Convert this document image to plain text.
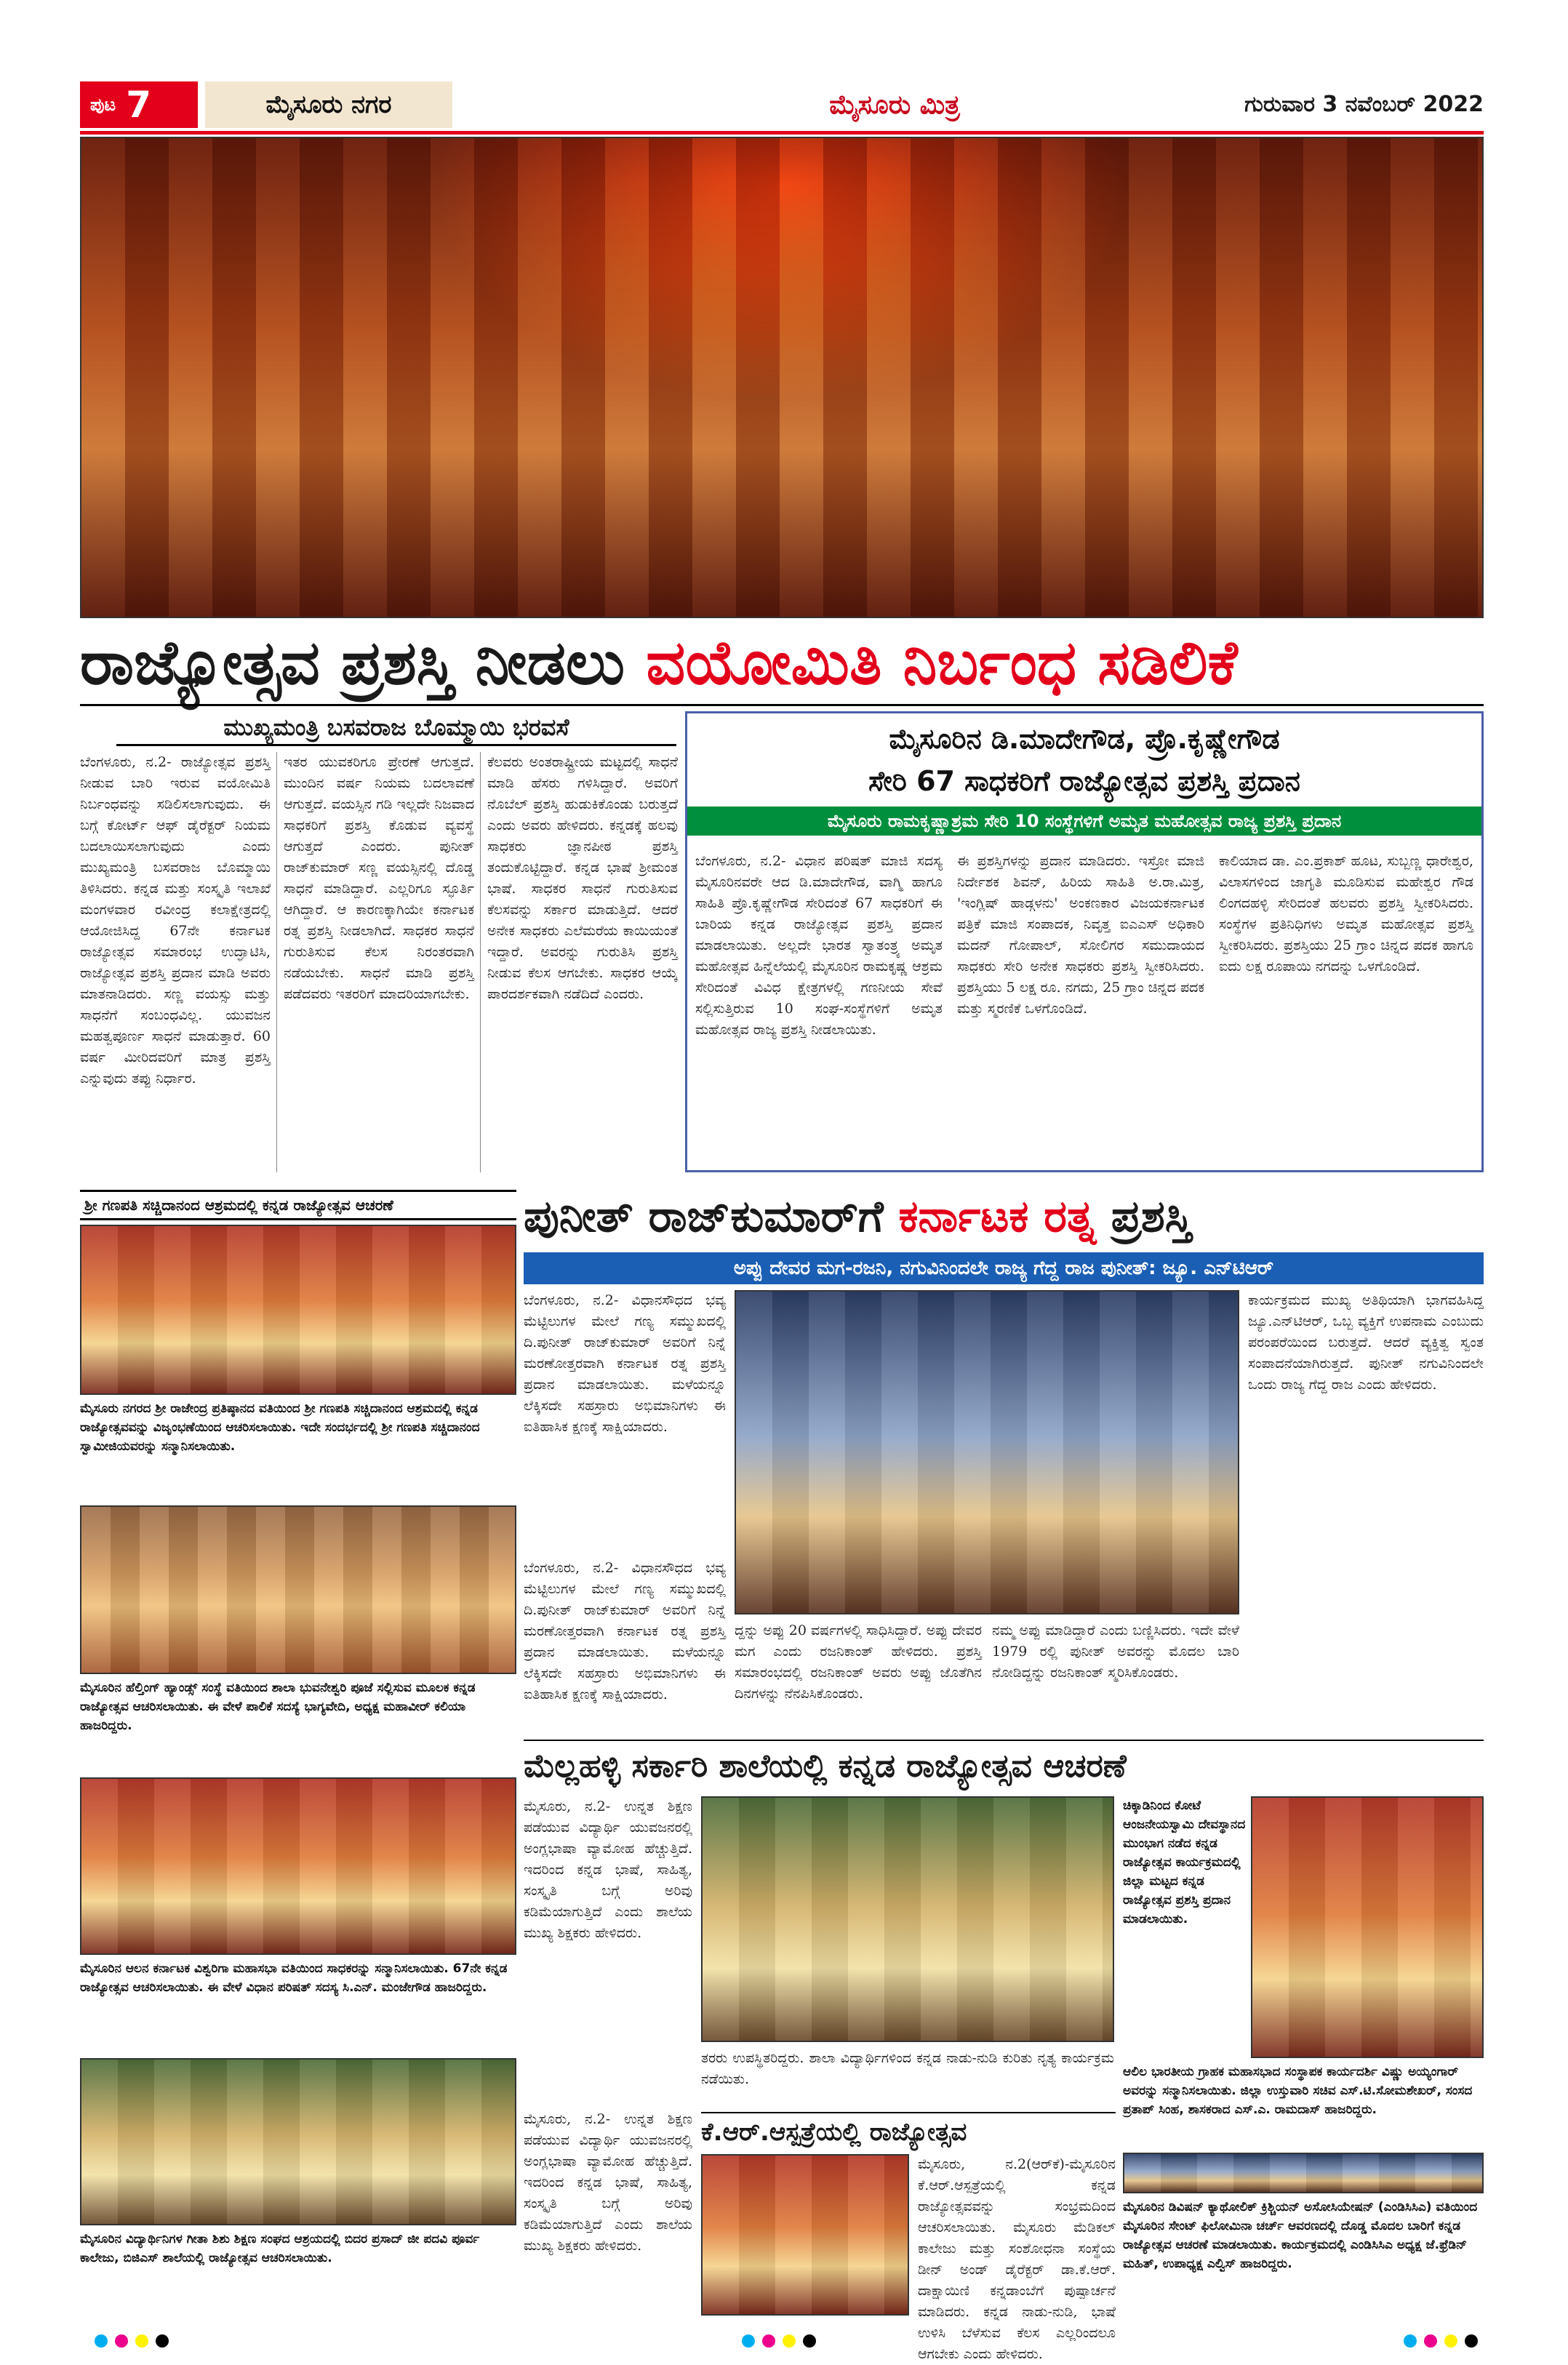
ಪುಟ 7	ಮೈಸೂರು ನಗರ	ಮೈಸೂರು ಮಿತ್ರ	ಗುರುವಾರ 3 ನವೆಂಬರ್ 2022
ರಾಜ್ಯೋತ್ಸವ ಪ್ರಶಸ್ತಿ ನೀಡಲು ವಯೋಮಿತಿ ನಿರ್ಬಂಧ ಸಡಿಲಿಕೆ
ಮುಖ್ಯಮಂತ್ರಿ ಬಸವರಾಜ ಬೊಮ್ಮಾಯಿ ಭರವಸೆ
ಬೆಂಗಳೂರು, ನ.2- ರಾಜ್ಯೋತ್ಸವ ಪ್ರಶಸ್ತಿ ನೀಡುವ ಬಾರಿ ಇರುವ ವಯೋಮಿತಿ ನಿರ್ಬಂಧವನ್ನು ಸಡಿಲಿಸಲಾಗುವುದು. ಈ ಬಗ್ಗೆ ಕೋರ್ಟ್ ಆಫ್ ಡೈರೆಕ್ಟರ್ ನಿಯಮ ಬದಲಾಯಿಸಲಾಗುವುದು ಎಂದು ಮುಖ್ಯಮಂತ್ರಿ ಬಸವರಾಜ ಬೊಮ್ಮಾಯಿ ತಿಳಿಸಿದರು. ಕನ್ನಡ ಮತ್ತು ಸಂಸ್ಕೃತಿ ಇಲಾಖೆ ಮಂಗಳವಾರ ರವೀಂದ್ರ ಕಲಾಕ್ಷೇತ್ರದಲ್ಲಿ ಆಯೋಜಿಸಿದ್ದ 67ನೇ ಕರ್ನಾಟಕ ರಾಜ್ಯೋತ್ಸವ ಸಮಾರಂಭ ಉದ್ಘಾಟಿಸಿ, ರಾಜ್ಯೋತ್ಸವ ಪ್ರಶಸ್ತಿ ಪ್ರದಾನ ಮಾಡಿ ಅವರು ಮಾತನಾಡಿದರು. ಸಣ್ಣ ವಯಸ್ಸು ಮತ್ತು ಸಾಧನೆಗೆ ಸಂಬಂಧವಿಲ್ಲ. ಯುವಜನ ಮಹತ್ವಪೂರ್ಣ ಸಾಧನೆ ಮಾಡುತ್ತಾರೆ. 60 ವರ್ಷ ಮೀರಿದವರಿಗೆ ಮಾತ್ರ ಪ್ರಶಸ್ತಿ ಎನ್ನುವುದು ತಪ್ಪು ನಿರ್ಧಾರ.
ಇತರ ಯುವಕರಿಗೂ ಪ್ರೇರಣೆ ಆಗುತ್ತದೆ. ಮುಂದಿನ ವರ್ಷ ನಿಯಮ ಬದಲಾವಣೆ ಆಗುತ್ತದೆ. ವಯಸ್ಸಿನ ಗಡಿ ಇಲ್ಲದೇ ನಿಜವಾದ ಸಾಧಕರಿಗೆ ಪ್ರಶಸ್ತಿ ಕೊಡುವ ವ್ಯವಸ್ಥೆ ಆಗುತ್ತದೆ ಎಂದರು. ಪುನೀತ್ ರಾಜ್‌ಕುಮಾರ್ ಸಣ್ಣ ವಯಸ್ಸಿನಲ್ಲಿ ದೊಡ್ಡ ಸಾಧನೆ ಮಾಡಿದ್ದಾರೆ. ಎಲ್ಲರಿಗೂ ಸ್ಫೂರ್ತಿ ಆಗಿದ್ದಾರೆ. ಆ ಕಾರಣಕ್ಕಾಗಿಯೇ ಕರ್ನಾಟಕ ರತ್ನ ಪ್ರಶಸ್ತಿ ನೀಡಲಾಗಿದೆ. ಸಾಧಕರ ಸಾಧನೆ ಗುರುತಿಸುವ ಕೆಲಸ ನಿರಂತರವಾಗಿ ನಡೆಯಬೇಕು. ಸಾಧನೆ ಮಾಡಿ ಪ್ರಶಸ್ತಿ ಪಡೆದವರು ಇತರರಿಗೆ ಮಾದರಿಯಾಗಬೇಕು.
ಕೆಲವರು ಅಂತರಾಷ್ಟ್ರೀಯ ಮಟ್ಟದಲ್ಲಿ ಸಾಧನೆ ಮಾಡಿ ಹೆಸರು ಗಳಿಸಿದ್ದಾರೆ. ಅವರಿಗೆ ನೊಬೆಲ್ ಪ್ರಶಸ್ತಿ ಹುಡುಕಿಕೊಂಡು ಬರುತ್ತದೆ ಎಂದು ಅವರು ಹೇಳಿದರು. ಕನ್ನಡಕ್ಕೆ ಹಲವು ಸಾಧಕರು ಜ್ಞಾನಪೀಠ ಪ್ರಶಸ್ತಿ ತಂದುಕೊಟ್ಟಿದ್ದಾರೆ. ಕನ್ನಡ ಭಾಷೆ ಶ್ರೀಮಂತ ಭಾಷೆ. ಸಾಧಕರ ಸಾಧನೆ ಗುರುತಿಸುವ ಕೆಲಸವನ್ನು ಸರ್ಕಾರ ಮಾಡುತ್ತಿದೆ. ಆದರೆ ಅನೇಕ ಸಾಧಕರು ಎಲೆಮರೆಯ ಕಾಯಿಯಂತೆ ಇದ್ದಾರೆ. ಅವರನ್ನು ಗುರುತಿಸಿ ಪ್ರಶಸ್ತಿ ನೀಡುವ ಕೆಲಸ ಆಗಬೇಕು. ಸಾಧಕರ ಆಯ್ಕೆ ಪಾರದರ್ಶಕವಾಗಿ ನಡೆದಿದೆ ಎಂದರು.
ಮೈಸೂರಿನ ಡಿ.ಮಾದೇಗೌಡ, ಪ್ರೊ.ಕೃಷ್ಣೇಗೌಡ
ಸೇರಿ 67 ಸಾಧಕರಿಗೆ ರಾಜ್ಯೋತ್ಸವ ಪ್ರಶಸ್ತಿ ಪ್ರದಾನ
ಮೈಸೂರು ರಾಮಕೃಷ್ಣಾಶ್ರಮ ಸೇರಿ 10 ಸಂಸ್ಥೆಗಳಿಗೆ ಅಮೃತ ಮಹೋತ್ಸವ ರಾಜ್ಯ ಪ್ರಶಸ್ತಿ ಪ್ರದಾನ
ಬೆಂಗಳೂರು, ನ.2- ವಿಧಾನ ಪರಿಷತ್ ಮಾಜಿ ಸದಸ್ಯ ಮೈಸೂರಿನವರೇ ಆದ ಡಿ.ಮಾದೇಗೌಡ, ವಾಗ್ಮಿ ಹಾಗೂ ಸಾಹಿತಿ ಪ್ರೊ.ಕೃಷ್ಣೇಗೌಡ ಸೇರಿದಂತೆ 67 ಸಾಧಕರಿಗೆ ಈ ಬಾರಿಯ ಕನ್ನಡ ರಾಜ್ಯೋತ್ಸವ ಪ್ರಶಸ್ತಿ ಪ್ರದಾನ ಮಾಡಲಾಯಿತು. ಅಲ್ಲದೇ ಭಾರತ ಸ್ವಾತಂತ್ರ್ಯ ಅಮೃತ ಮಹೋತ್ಸವ ಹಿನ್ನೆಲೆಯಲ್ಲಿ ಮೈಸೂರಿನ ರಾಮಕೃಷ್ಣ ಆಶ್ರಮ ಸೇರಿದಂತೆ ವಿವಿಧ ಕ್ಷೇತ್ರಗಳಲ್ಲಿ ಗಣನೀಯ ಸೇವೆ ಸಲ್ಲಿಸುತ್ತಿರುವ 10 ಸಂಘ-ಸಂಸ್ಥೆಗಳಿಗೆ ಅಮೃತ ಮಹೋತ್ಸವ ರಾಜ್ಯ ಪ್ರಶಸ್ತಿ ನೀಡಲಾಯಿತು.
ಈ ಪ್ರಶಸ್ತಿಗಳನ್ನು ಪ್ರದಾನ ಮಾಡಿದರು. ಇಸ್ರೋ ಮಾಜಿ ನಿರ್ದೇಶಕ ಶಿವನ್, ಹಿರಿಯ ಸಾಹಿತಿ ಅ.ರಾ.ಮಿತ್ರ, 'ಇಂಗ್ಲಿಷ್ ಹಾಡ್ಗಳನು' ಅಂಕಣಕಾರ ವಿಜಯಕರ್ನಾಟಕ ಪತ್ರಿಕೆ ಮಾಜಿ ಸಂಪಾದಕ, ನಿವೃತ್ತ ಐಎಎಸ್ ಅಧಿಕಾರಿ ಮದನ್ ಗೋಪಾಲ್, ಸೋಲಿಗರ ಸಮುದಾಯದ ಸಾಧಕರು ಸೇರಿ ಅನೇಕ ಸಾಧಕರು ಪ್ರಶಸ್ತಿ ಸ್ವೀಕರಿಸಿದರು. ಪ್ರಶಸ್ತಿಯು 5 ಲಕ್ಷ ರೂ. ನಗದು, 25 ಗ್ರಾಂ ಚಿನ್ನದ ಪದಕ ಮತ್ತು ಸ್ಮರಣಿಕೆ ಒಳಗೊಂಡಿದೆ.
ಕಾಲಿಯಾದ ಡಾ. ಎಂ.ಪ್ರಕಾಶ್ ಹೂಟ, ಸುಬ್ಬಣ್ಣ ಧಾರೇಶ್ವರ, ವಿಲಾಸಗಳಿಂದ ಜಾಗೃತಿ ಮೂಡಿಸುವ ಮಹೇಶ್ವರ ಗೌಡ ಲಿಂಗದಹಳ್ಳಿ ಸೇರಿದಂತೆ ಹಲವರು ಪ್ರಶಸ್ತಿ ಸ್ವೀಕರಿಸಿದರು. ಸಂಸ್ಥೆಗಳ ಪ್ರತಿನಿಧಿಗಳು ಅಮೃತ ಮಹೋತ್ಸವ ಪ್ರಶಸ್ತಿ ಸ್ವೀಕರಿಸಿದರು. ಪ್ರಶಸ್ತಿಯು 25 ಗ್ರಾಂ ಚಿನ್ನದ ಪದಕ ಹಾಗೂ ಐದು ಲಕ್ಷ ರೂಪಾಯಿ ನಗದನ್ನು ಒಳಗೊಂಡಿದೆ.
ಶ್ರೀ ಗಣಪತಿ ಸಚ್ಚಿದಾನಂದ ಆಶ್ರಮದಲ್ಲಿ ಕನ್ನಡ ರಾಜ್ಯೋತ್ಸವ ಆಚರಣೆ
ಮೈಸೂರು ನಗರದ ಶ್ರೀ ರಾಜೇಂದ್ರ ಪ್ರತಿಷ್ಠಾನದ ವತಿಯಿಂದ ಶ್ರೀ ಗಣಪತಿ ಸಚ್ಚಿದಾನಂದ ಆಶ್ರಮದಲ್ಲಿ ಕನ್ನಡ ರಾಜ್ಯೋತ್ಸವವನ್ನು ವಿಜೃಂಭಣೆಯಿಂದ ಆಚರಿಸಲಾಯಿತು. ಇದೇ ಸಂದರ್ಭದಲ್ಲಿ ಶ್ರೀ ಗಣಪತಿ ಸಚ್ಚಿದಾನಂದ ಸ್ವಾಮೀಜಿಯವರನ್ನು ಸನ್ಮಾನಿಸಲಾಯಿತು.
ಮೈಸೂರಿನ ಹೆಲ್ತಿಂಗ್ ಹ್ಯಾಂಡ್ಸ್ ಸಂಸ್ಥೆ ವತಿಯಿಂದ ಶಾಲಾ ಭುವನೇಶ್ವರಿ ಪೂಜೆ ಸಲ್ಲಿಸುವ ಮೂಲಕ ಕನ್ನಡ ರಾಜ್ಯೋತ್ಸವ ಆಚರಿಸಲಾಯಿತು. ಈ ವೇಳೆ ಪಾಲಿಕೆ ಸದಸ್ಯೆ ಭಾಗ್ಯವೇದಿ, ಅಧ್ಯಕ್ಷ ಮಹಾವೀರ್ ಕಲಿಯಾ ಹಾಜರಿದ್ದರು.
ಮೈಸೂರಿನ ಆಲನ ಕರ್ನಾಟಕ ವಿಶ್ವರಿಗಾ ಮಹಾಸಭಾ ವತಿಯಿಂದ ಸಾಧಕರನ್ನು ಸನ್ಮಾನಿಸಲಾಯಿತು. 67ನೇ ಕನ್ನಡ ರಾಜ್ಯೋತ್ಸವ ಆಚರಿಸಲಾಯಿತು. ಈ ವೇಳೆ ವಿಧಾನ ಪರಿಷತ್ ಸದಸ್ಯ ಸಿ.ಎನ್. ಮಂಜೇಗೌಡ ಹಾಜರಿದ್ದರು.
ಮೈಸೂರಿನ ವಿದ್ಯಾರ್ಥಿನಿಗಳ ಗೀತಾ ಶಿಶು ಶಿಕ್ಷಣ ಸಂಘದ ಆಶ್ರಯದಲ್ಲಿ ಬಿದರ ಪ್ರಸಾದ್ ಜೀ ಪದವಿ ಪೂರ್ವ ಕಾಲೇಜು, ಬಿಜಿಎಸ್ ಶಾಲೆಯಲ್ಲಿ ರಾಜ್ಯೋತ್ಸವ ಆಚರಿಸಲಾಯಿತು.
ಪುನೀತ್ ರಾಜ್‌ಕುಮಾರ್‌ಗೆ ಕರ್ನಾಟಕ ರತ್ನ ಪ್ರಶಸ್ತಿ
ಅಪ್ಪು ದೇವರ ಮಗ-ರಜನಿ, ನಗುವಿನಿಂದಲೇ ರಾಜ್ಯ ಗೆದ್ದ ರಾಜ ಪುನೀತ್: ಜ್ಯೂ. ಎನ್‌ಟಿಆರ್
ಬೆಂಗಳೂರು, ನ.2- ವಿಧಾನಸೌಧದ ಭವ್ಯ ಮೆಟ್ಟಿಲುಗಳ ಮೇಲೆ ಗಣ್ಯ ಸಮ್ಮುಖದಲ್ಲಿ ದಿ.ಪುನೀತ್ ರಾಜ್‌ಕುಮಾರ್ ಅವರಿಗೆ ನಿನ್ನೆ ಮರಣೋತ್ತರವಾಗಿ ಕರ್ನಾಟಕ ರತ್ನ ಪ್ರಶಸ್ತಿ ಪ್ರದಾನ ಮಾಡಲಾಯಿತು. ಮಳೆಯನ್ನೂ ಲೆಕ್ಕಿಸದೇ ಸಹಸ್ರಾರು ಅಭಿಮಾನಿಗಳು ಈ ಐತಿಹಾಸಿಕ ಕ್ಷಣಕ್ಕೆ ಸಾಕ್ಷಿಯಾದರು.
ಕಾರ್ಯಕ್ರಮದ ಮುಖ್ಯ ಅತಿಥಿಯಾಗಿ ಭಾಗವಹಿಸಿದ್ದ ಜ್ಯೂ.ಎನ್‌ಟಿಆರ್, ಒಬ್ಬ ವ್ಯಕ್ತಿಗೆ ಉಪನಾಮ ಎಂಬುದು ಪರಂಪರೆಯಿಂದ ಬರುತ್ತದೆ. ಆದರೆ ವ್ಯಕ್ತಿತ್ವ ಸ್ವಂತ ಸಂಪಾದನೆಯಾಗಿರುತ್ತದೆ. ಪುನೀತ್ ನಗುವಿನಿಂದಲೇ ಒಂದು ರಾಜ್ಯ ಗೆದ್ದ ರಾಜ ಎಂದು ಹೇಳಿದರು.
ಬೆಂಗಳೂರು, ನ.2- ವಿಧಾನಸೌಧದ ಭವ್ಯ ಮೆಟ್ಟಿಲುಗಳ ಮೇಲೆ ಗಣ್ಯ ಸಮ್ಮುಖದಲ್ಲಿ ದಿ.ಪುನೀತ್ ರಾಜ್‌ಕುಮಾರ್ ಅವರಿಗೆ ನಿನ್ನೆ ಮರಣೋತ್ತರವಾಗಿ ಕರ್ನಾಟಕ ರತ್ನ ಪ್ರಶಸ್ತಿ ಪ್ರದಾನ ಮಾಡಲಾಯಿತು. ಮಳೆಯನ್ನೂ ಲೆಕ್ಕಿಸದೇ ಸಹಸ್ರಾರು ಅಭಿಮಾನಿಗಳು ಈ ಐತಿಹಾಸಿಕ ಕ್ಷಣಕ್ಕೆ ಸಾಕ್ಷಿಯಾದರು.
ದ್ದನ್ನು ಅಪ್ಪು 20 ವರ್ಷಗಳಲ್ಲಿ ಸಾಧಿಸಿದ್ದಾರೆ. ಅಪ್ಪು ದೇವರ ಮಗ ಎಂದು ರಜನಿಕಾಂತ್ ಹೇಳಿದರು. ಪ್ರಶಸ್ತಿ ಸಮಾರಂಭದಲ್ಲಿ ರಜನಿಕಾಂತ್ ಅವರು ಅಪ್ಪು ಜೊತೆಗಿನ ದಿನಗಳನ್ನು ನೆನಪಿಸಿಕೊಂಡರು.
ನಮ್ಮ ಅಪ್ಪು ಮಾಡಿದ್ದಾರೆ ಎಂದು ಬಣ್ಣಿಸಿದರು. ಇದೇ ವೇಳೆ 1979 ರಲ್ಲಿ ಪುನೀತ್ ಅವರನ್ನು ಮೊದಲ ಬಾರಿ ನೋಡಿದ್ದನ್ನು ರಜನಿಕಾಂತ್ ಸ್ಮರಿಸಿಕೊಂಡರು.
ಮೆಲ್ಲಹಳ್ಳಿ ಸರ್ಕಾರಿ ಶಾಲೆಯಲ್ಲಿ ಕನ್ನಡ ರಾಜ್ಯೋತ್ಸವ ಆಚರಣೆ
ಮೈಸೂರು, ನ.2- ಉನ್ನತ ಶಿಕ್ಷಣ ಪಡೆಯುವ ವಿದ್ಯಾರ್ಥಿ ಯುವಜನರಲ್ಲಿ ಅಂಗ್ಲಭಾಷಾ ವ್ಯಾಮೋಹ ಹೆಚ್ಚುತ್ತಿದೆ. ಇದರಿಂದ ಕನ್ನಡ ಭಾಷೆ, ಸಾಹಿತ್ಯ, ಸಂಸ್ಕೃತಿ ಬಗ್ಗೆ ಅರಿವು ಕಡಿಮೆಯಾಗುತ್ತಿದೆ ಎಂದು ಶಾಲೆಯ ಮುಖ್ಯ ಶಿಕ್ಷಕರು ಹೇಳಿದರು.
ತರರು ಉಪಸ್ಥಿತರಿದ್ದರು. ಶಾಲಾ ವಿದ್ಯಾರ್ಥಿಗಳಿಂದ ಕನ್ನಡ ನಾಡು-ನುಡಿ ಕುರಿತು ನೃತ್ಯ ಕಾರ್ಯಕ್ರಮ ನಡೆಯಿತು.
ಚಿಕ್ಕಾಡಿನಿಂದ ಕೋಟೆ ಆಂಜನೇಯಸ್ವಾಮಿ ದೇವಸ್ಥಾನದ ಮುಂಭಾಗ ನಡೆದ ಕನ್ನಡ ರಾಜ್ಯೋತ್ಸವ ಕಾರ್ಯಕ್ರಮದಲ್ಲಿ ಜಿಲ್ಲಾ ಮಟ್ಟದ ಕನ್ನಡ ರಾಜ್ಯೋತ್ಸವ ಪ್ರಶಸ್ತಿ ಪ್ರದಾನ ಮಾಡಲಾಯಿತು.
ಆಲಿಲ ಭಾರತೀಯ ಗ್ರಾಹಕ ಮಹಾಸಭಾದ ಸಂಸ್ಥಾಪಕ ಕಾರ್ಯದರ್ಶಿ ವಿಷ್ಣು ಅಯ್ಯಂಗಾರ್ ಅವರನ್ನು ಸನ್ಮಾನಿಸಲಾಯಿತು. ಜಿಲ್ಲಾ ಉಸ್ತುವಾರಿ ಸಚಿವ ಎಸ್.ಟಿ.ಸೋಮಶೇಖರ್, ಸಂಸದ ಪ್ರತಾಪ್ ಸಿಂಹ, ಶಾಸಕರಾದ ಎಸ್.ಎ. ರಾಮದಾಸ್ ಹಾಜರಿದ್ದರು.
ಕೆ.ಆರ್.ಆಸ್ಪತ್ರೆಯಲ್ಲಿ ರಾಜ್ಯೋತ್ಸವ
ಮೈಸೂರು, ನ.2(ಆರ್‌ಕೆ)-ಮೈಸೂರಿನ ಕೆ.ಆರ್.ಆಸ್ಪತ್ರೆಯಲ್ಲಿ ಕನ್ನಡ ರಾಜ್ಯೋತ್ಸವವನ್ನು ಸಂಭ್ರಮದಿಂದ ಆಚರಿಸಲಾಯಿತು. ಮೈಸೂರು ಮೆಡಿಕಲ್ ಕಾಲೇಜು ಮತ್ತು ಸಂಶೋಧನಾ ಸಂಸ್ಥೆಯ ಡೀನ್ ಅಂಡ್ ಡೈರೆಕ್ಟರ್ ಡಾ.ಕೆ.ಆರ್. ದಾಕ್ಷಾಯಿಣಿ ಕನ್ನಡಾಂಬೆಗೆ ಪುಷ್ಪಾರ್ಚನೆ ಮಾಡಿದರು. ಕನ್ನಡ ನಾಡು-ನುಡಿ, ಭಾಷೆ ಉಳಿಸಿ ಬೆಳೆಸುವ ಕೆಲಸ ಎಲ್ಲರಿಂದಲೂ ಆಗಬೇಕು ಎಂದು ಹೇಳಿದರು.
ಮೈಸೂರು, ನ.2- ಉನ್ನತ ಶಿಕ್ಷಣ ಪಡೆಯುವ ವಿದ್ಯಾರ್ಥಿ ಯುವಜನರಲ್ಲಿ ಅಂಗ್ಲಭಾಷಾ ವ್ಯಾಮೋಹ ಹೆಚ್ಚುತ್ತಿದೆ. ಇದರಿಂದ ಕನ್ನಡ ಭಾಷೆ, ಸಾಹಿತ್ಯ, ಸಂಸ್ಕೃತಿ ಬಗ್ಗೆ ಅರಿವು ಕಡಿಮೆಯಾಗುತ್ತಿದೆ ಎಂದು ಶಾಲೆಯ ಮುಖ್ಯ ಶಿಕ್ಷಕರು ಹೇಳಿದರು.
ಮೈಸೂರಿನ ಡಿವಿಷನ್ ಕ್ಯಾಥೋಲಿಕ್ ಕ್ರಿಶ್ಚಿಯನ್ ಅಸೋಸಿಯೇಷನ್ (ಎಂಡಿಸಿಸಿಎ) ವತಿಯಿಂದ ಮೈಸೂರಿನ ಸೇಂಟ್ ಫಿಲೋಮಿನಾ ಚರ್ಚ್ ಆವರಣದಲ್ಲಿ ದೊಡ್ಡ ಮೊದಲ ಬಾರಿಗೆ ಕನ್ನಡ ರಾಜ್ಯೋತ್ಸವ ಆಚರಣೆ ಮಾಡಲಾಯಿತು. ಕಾರ್ಯಕ್ರಮದಲ್ಲಿ ಎಂಡಿಸಿಸಿಎ ಅಧ್ಯಕ್ಷ ಜೆ.ಫ್ರೆಡಿನ್ ಮಹಿತ್, ಉಪಾಧ್ಯಕ್ಷ ಎಲ್ವಿಸ್ ಹಾಜರಿದ್ದರು.
